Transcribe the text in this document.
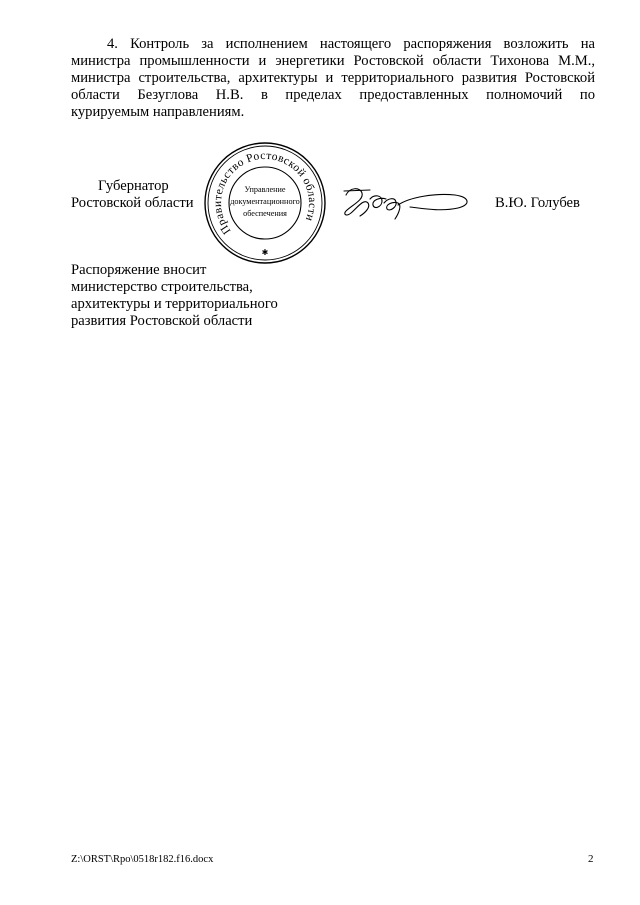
4. Контроль за исполнением настоящего распоряжения возложить на
министра промышленности и энергетики Ростовской области Тихонова М.М.,
министра строительства, архитектуры и территориального развития Ростовской
области Безуглова Н.В. в пределах предоставленных полномочий по
курируемым направлениям.
Губернатор
Ростовской области
Правительство Ростовской области
Управление
документационного
обеспечения
✱
В.Ю. Голубев
Распоряжение вносит
министерство строительства,
архитектуры и территориального
развития Ростовской области
Z:\ORST\Rpo\0518r182.f16.docx	2
